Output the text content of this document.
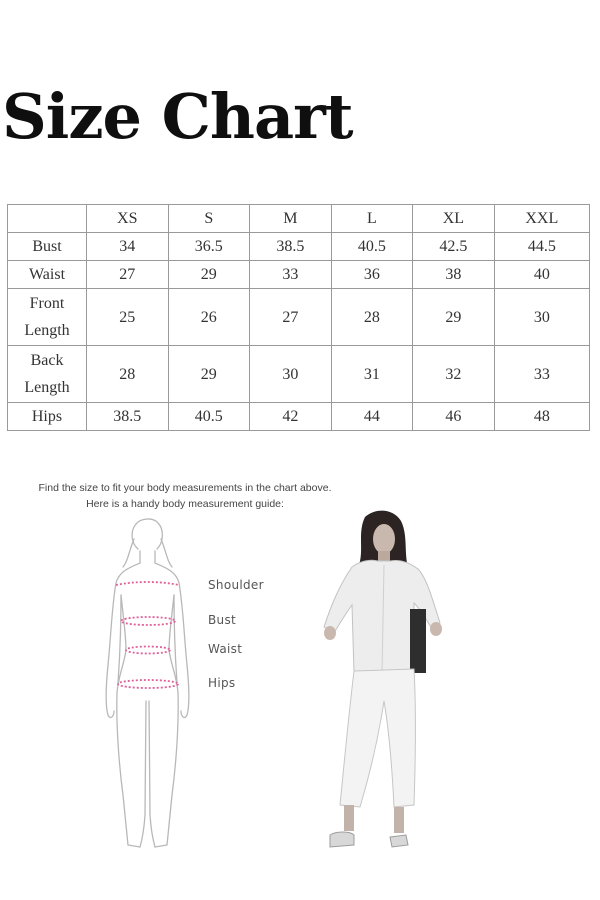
Size Chart
	XS	S	M	L	XL	XXL
Bust	34	36.5	38.5	40.5	42.5	44.5
Waist	27	29	33	36	38	40
Front
Length	25	26	27	28	29	30
Back
Length	28	29	30	31	32	33
Hips	38.5	40.5	42	44	46	48
Find the size to fit your body measurements in the chart above.
Here is a handy body measurement guide:
Shoulder
Bust
Waist
Hips
